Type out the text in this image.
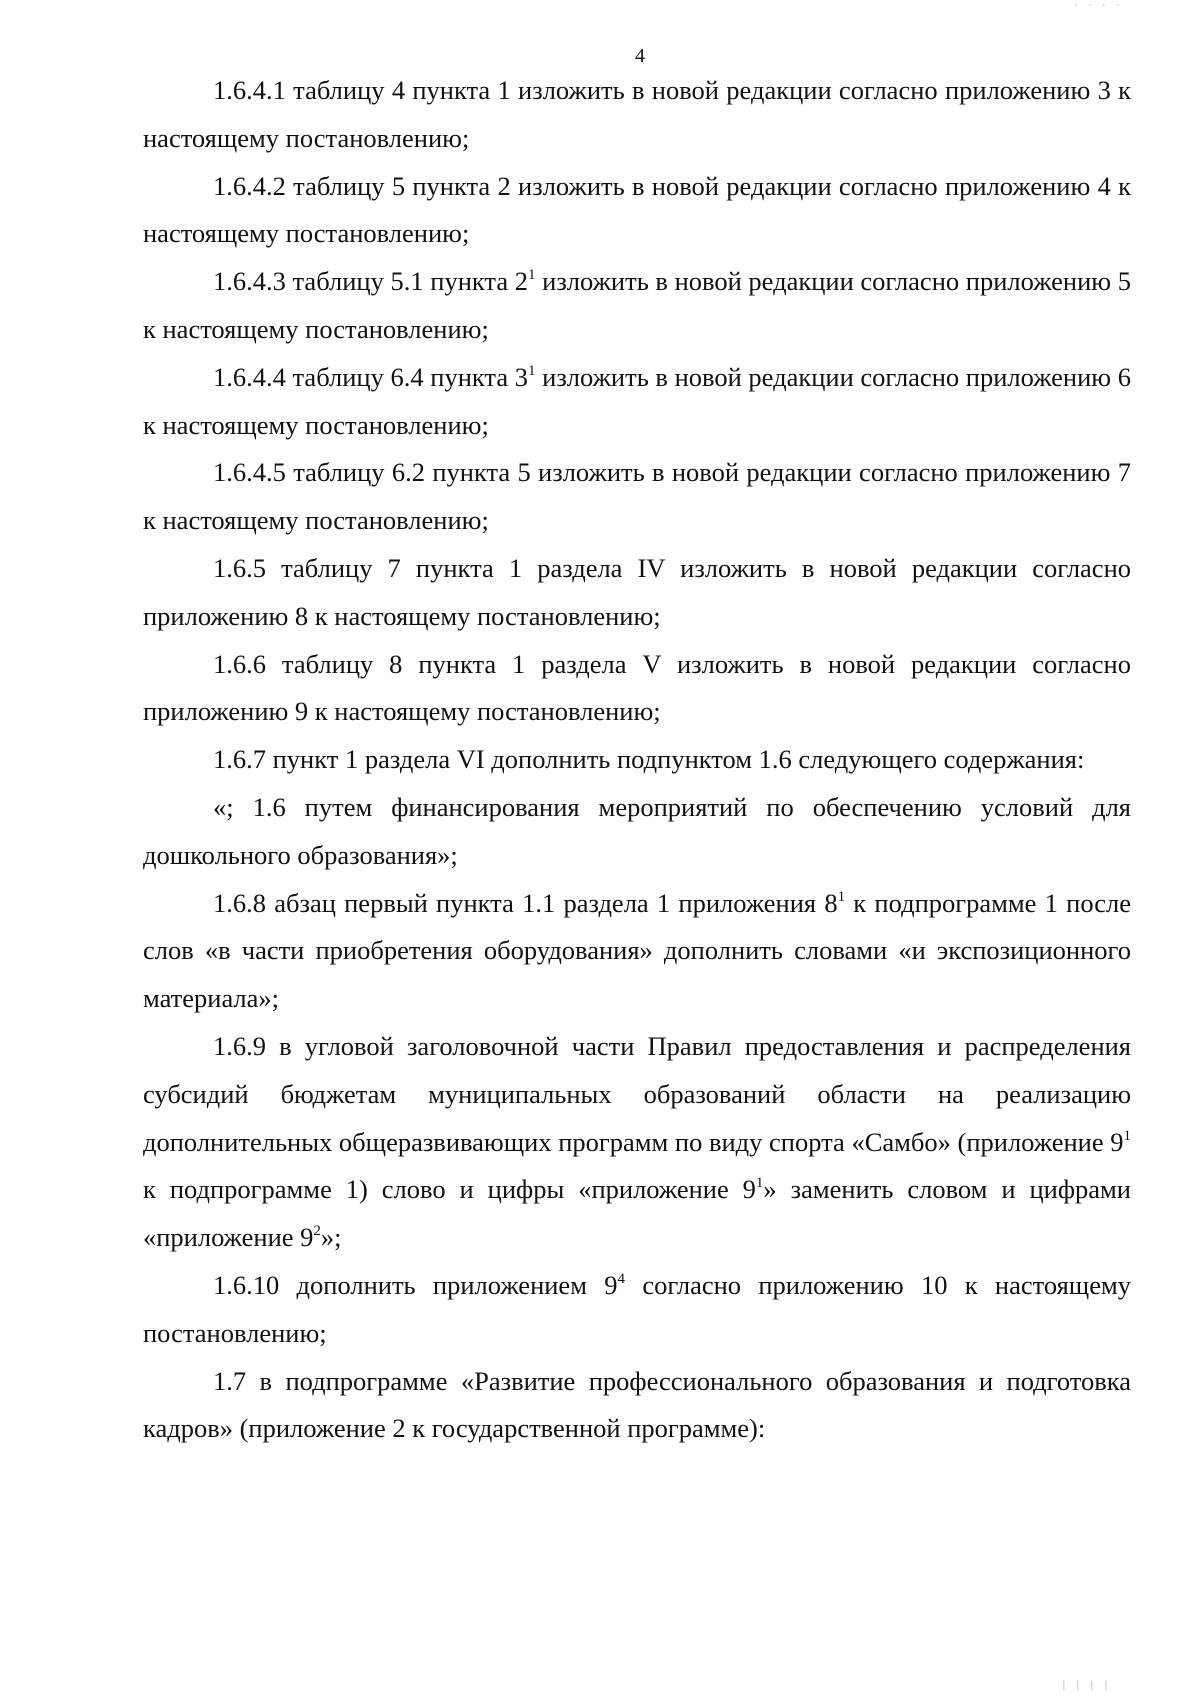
4

1.6.4.1 таблицу 4 пункта 1 изложить в новой редакции согласно приложению 3 к настоящему постановлению;

1.6.4.2 таблицу 5 пункта 2 изложить в новой редакции согласно приложению 4 к настоящему постановлению;

1.6.4.3 таблицу 5.1 пункта $2^1$ изложить в новой редакции согласно приложению 5 к настоящему постановлению;

1.6.4.4 таблицу 6.4 пункта $3^1$ изложить в новой редакции согласно приложению 6 к настоящему постановлению;

1.6.4.5 таблицу 6.2 пункта 5 изложить в новой редакции согласно приложению 7 к настоящему постановлению;

1.6.5 таблицу 7 пункта 1 раздела IV изложить в новой редакции согласно приложению 8 к настоящему постановлению;

1.6.6 таблицу 8 пункта 1 раздела V изложить в новой редакции согласно приложению 9 к настоящему постановлению;

1.6.7 пункт 1 раздела VI дополнить подпунктом 1.6 следующего содержания:

«; 1.6 путем финансирования мероприятий по обеспечению условий для дошкольного образования»;

1.6.8 абзац первый пункта 1.1 раздела 1 приложения $8^1$ к подпрограмме 1 после слов «в части приобретения оборудования» дополнить словами «и экспозиционного материала»;

1.6.9 в угловой заголовочной части Правил предоставления и распределения субсидий бюджетам муниципальных образований области на реализацию дополнительных общеразвивающих программ по виду спорта «Самбо» (приложение $9^1$ к подпрограмме 1) слово и цифры «приложение $9^1$» заменить словом и цифрами «приложение $9^2$»;

1.6.10 дополнить приложением $9^4$ согласно приложению 10 к настоящему постановлению;

1.7 в подпрограмме «Развитие профессионального образования и подготовка кадров» (приложение 2 к государственной программе):

· · · ·
| | | |
